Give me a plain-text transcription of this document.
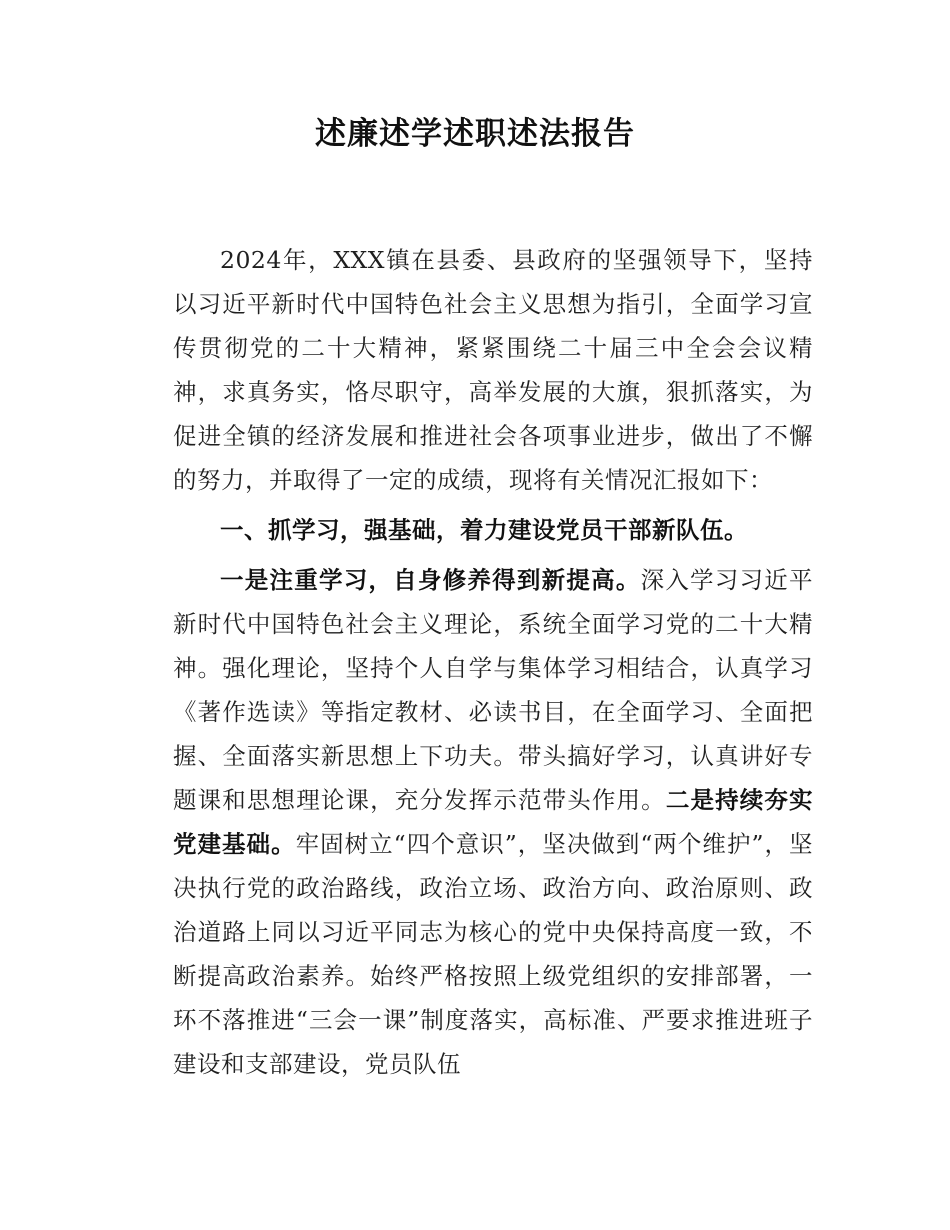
述廉述学述职述法报告

2024年，XXX镇在县委、县政府的坚强领导下，坚持以习近平新时代中国特色社会主义思想为指引，全面学习宣传贯彻党的二十大精神，紧紧围绕二十届三中全会会议精神，求真务实，恪尽职守，高举发展的大旗，狠抓落实，为促进全镇的经济发展和推进社会各项事业进步，做出了不懈的努力，并取得了一定的成绩，现将有关情况汇报如下：

一、抓学习，强基础，着力建设党员干部新队伍。

一是注重学习，自身修养得到新提高。深入学习习近平新时代中国特色社会主义理论，系统全面学习党的二十大精神。强化理论，坚持个人自学与集体学习相结合，认真学习《著作选读》等指定教材、必读书目，在全面学习、全面把握、全面落实新思想上下功夫。带头搞好学习，认真讲好专题课和思想理论课，充分发挥示范带头作用。二是持续夯实党建基础。牢固树立“四个意识”，坚决做到“两个维护”，坚决执行党的政治路线，政治立场、政治方向、政治原则、政治道路上同以习近平同志为核心的党中央保持高度一致，不断提高政治素养。始终严格按照上级党组织的安排部署，一环不落推进“三会一课”制度落实，高标准、严要求推进班子建设和支部建设，党员队伍
